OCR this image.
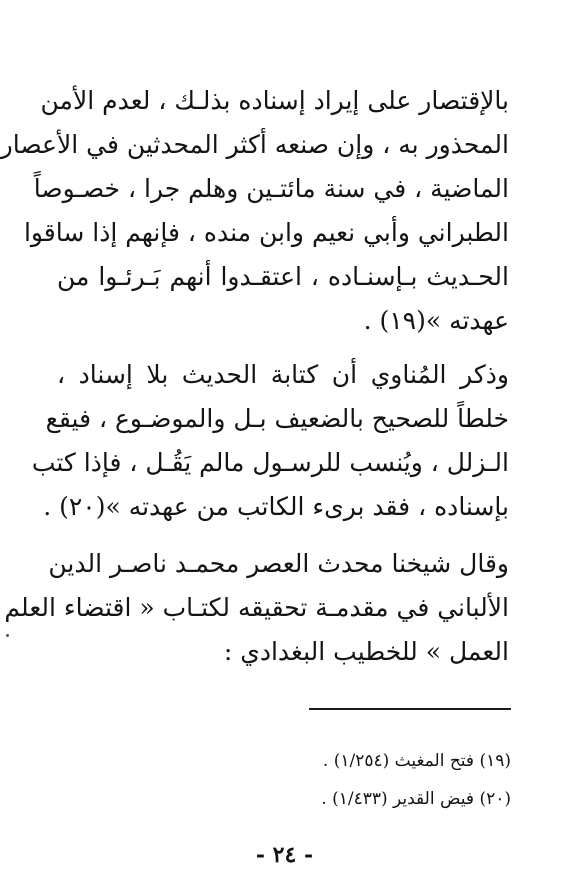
بالإقتصار على إيراد إسناده بذلـك ، لعدم الأمن
المحذور به ، وإن صنعه أكثر المحدثين في الأعصار
الماضية ، في سنة مائتـين وهلم جرا ، خصـوصاً
الطبراني وأبي نعيم وابن منده ، فإنهم إذا ساقوا
الحـديث بـإسنـاده ، اعتقـدوا أنهم بَـرئـوا من
عهدته »(١٩) .
وذكر المُناوي أن كتابة الحديث بلا إسناد ،
خلطاً للصحيح بالضعيف بـل والموضـوع ، فيقع
الـزلل ، ويُنسب للرسـول مالم يَقُـل ، فإذا كتب
بإسناده ، فقد برىء الكاتب من عهدته »(٢٠) .
وقال شيخنا محدث العصر محمـد ناصـر الدين
الألباني في مقدمـة تحقيقه لكتـاب « اقتضاء العلم
العمل » للخطيب البغدادي :
(١٩) فتح المغيث (١/٢٥٤) .
(٢٠) فيض القدير (١/٤٣٣) .
- ٢٤ -
